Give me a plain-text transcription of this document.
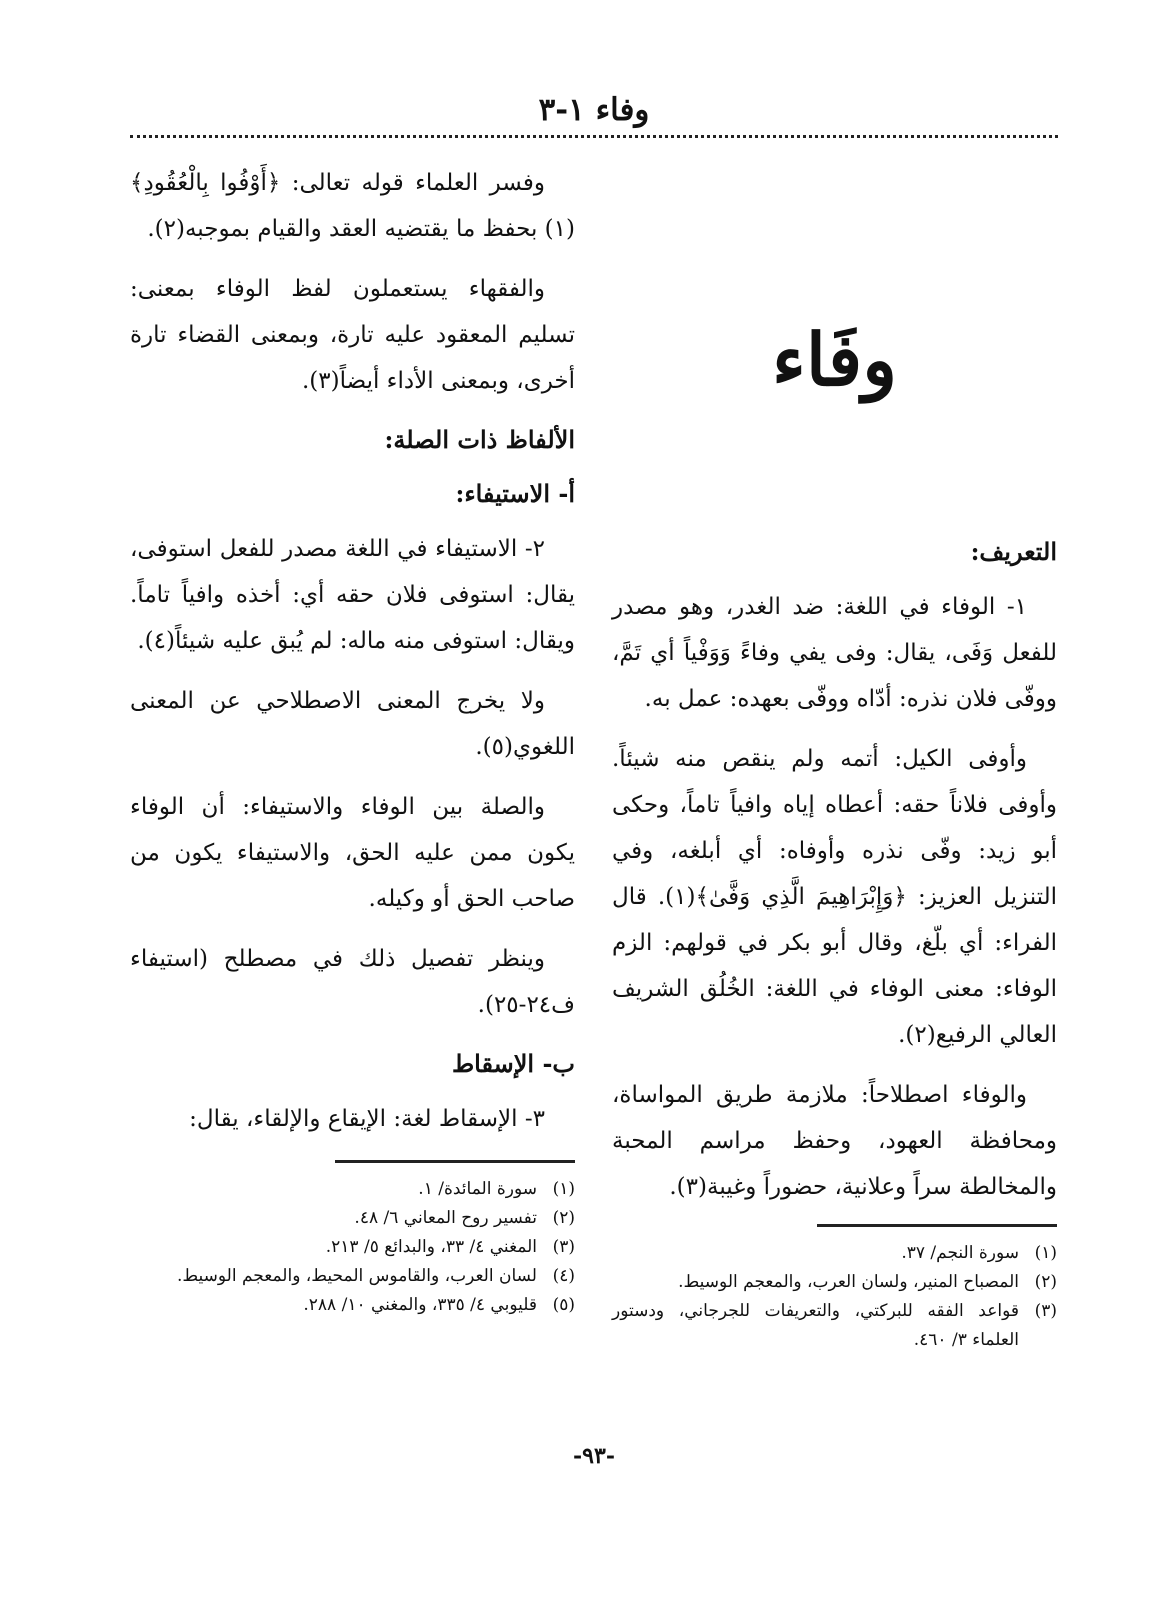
وفاء ١-٣
وفَاء
التعريف:

١- الوفاء في اللغة: ضد الغدر، وهو مصدر للفعل وَفَى، يقال: وفى يفي وفاءً وَوَفْياً أي تَمَّ، ووفّى فلان نذره: أدّاه ووفّى بعهده: عمل به.

وأوفى الكيل: أتمه ولم ينقص منه شيئاً. وأوفى فلاناً حقه: أعطاه إياه وافياً تاماً، وحكى أبو زيد: وفّى نذره وأوفاه: أي أبلغه، وفي التنزيل العزيز: ﴿وَإِبْرَاهِيمَ الَّذِي وَفَّىٰ﴾(١). قال الفراء: أي بلّغ، وقال أبو بكر في قولهم: الزم الوفاء: معنى الوفاء في اللغة: الخُلُق الشريف العالي الرفيع(٢).

والوفاء اصطلاحاً: ملازمة طريق المواساة، ومحافظة العهود، وحفظ مراسم المحبة والمخالطة سراً وعلانية، حضوراً وغيبة(٣).

(١)سورة النجم/ ٣٧.
(٢)المصباح المنير، ولسان العرب، والمعجم الوسيط.
(٣)قواعد الفقه للبركتي، والتعريفات للجرجاني، ودستور العلماء ٣/ ٤٦٠.

وفسر العلماء قوله تعالى: ﴿أَوْفُوا بِالْعُقُودِ﴾(١) بحفظ ما يقتضيه العقد والقيام بموجبه(٢).

والفقهاء يستعملون لفظ الوفاء بمعنى: تسليم المعقود عليه تارة، وبمعنى القضاء تارة أخرى، وبمعنى الأداء أيضاً(٣).

الألفاظ ذات الصلة:
أ- الاستيفاء:

٢- الاستيفاء في اللغة مصدر للفعل استوفى، يقال: استوفى فلان حقه أي: أخذه وافياً تاماً. ويقال: استوفى منه ماله: لم يُبق عليه شيئاً(٤).

ولا يخرج المعنى الاصطلاحي عن المعنى اللغوي(٥).

والصلة بين الوفاء والاستيفاء: أن الوفاء يكون ممن عليه الحق، والاستيفاء يكون من صاحب الحق أو وكيله.

وينظر تفصيل ذلك في مصطلح (استيفاء ف٢٤-٢٥).

ب- الإسقاط

٣- الإسقاط لغة: الإيقاع والإلقاء، يقال:

(١)سورة المائدة/ ١.
(٢)تفسير روح المعاني ٦/ ٤٨.
(٣)المغني ٤/ ٣٣، والبدائع ٥/ ٢١٣.
(٤)لسان العرب، والقاموس المحيط، والمعجم الوسيط.
(٥)قليوبي ٤/ ٣٣٥، والمغني ١٠/ ٢٨٨.
-٩٣-
